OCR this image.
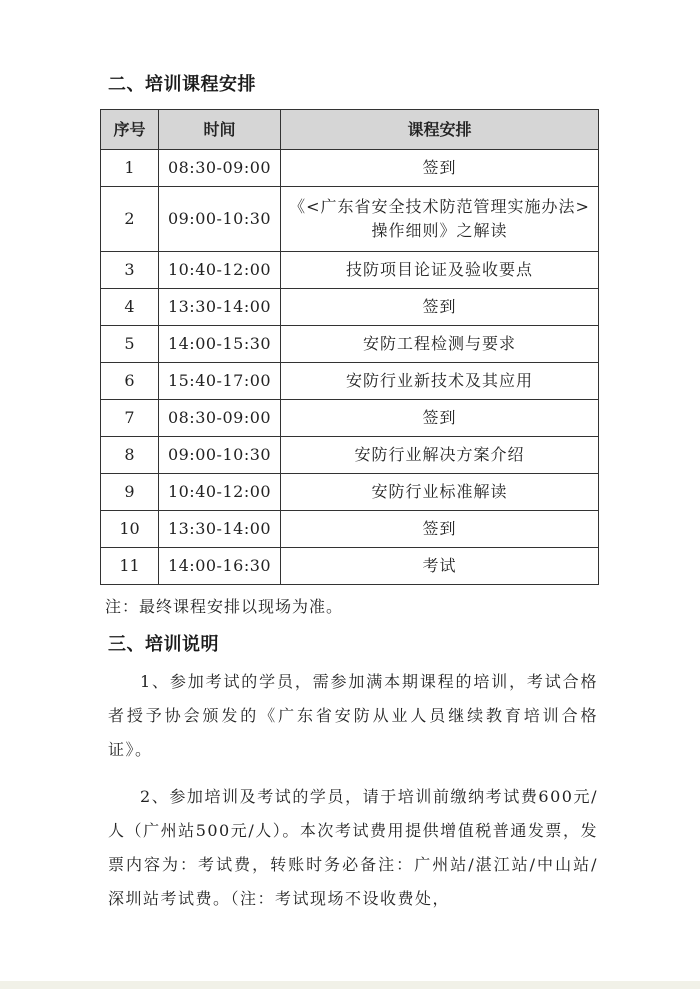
二、培训课程安排
序号	时间	课程安排
1	08:30-09:00	签到
2	09:00-10:30	《<广东省安全技术防范管理实施办法>操作细则》之解读
3	10:40-12:00	技防项目论证及验收要点
4	13:30-14:00	签到
5	14:00-15:30	安防工程检测与要求
6	15:40-17:00	安防行业新技术及其应用
7	08:30-09:00	签到
8	09:00-10:30	安防行业解决方案介绍
9	10:40-12:00	安防行业标准解读
10	13:30-14:00	签到
11	14:00-16:30	考试
注：最终课程安排以现场为准。
三、培训说明

1、参加考试的学员，需参加满本期课程的培训，考试合格者授予协会颁发的《广东省安防从业人员继续教育培训合格证》。

2、参加培训及考试的学员，请于培训前缴纳考试费600元/人（广州站500元/人）。本次考试费用提供增值税普通发票，发票内容为：考试费，转账时务必备注：广州站/湛江站/中山站/深圳站考试费。（注：考试现场不设收费处，
